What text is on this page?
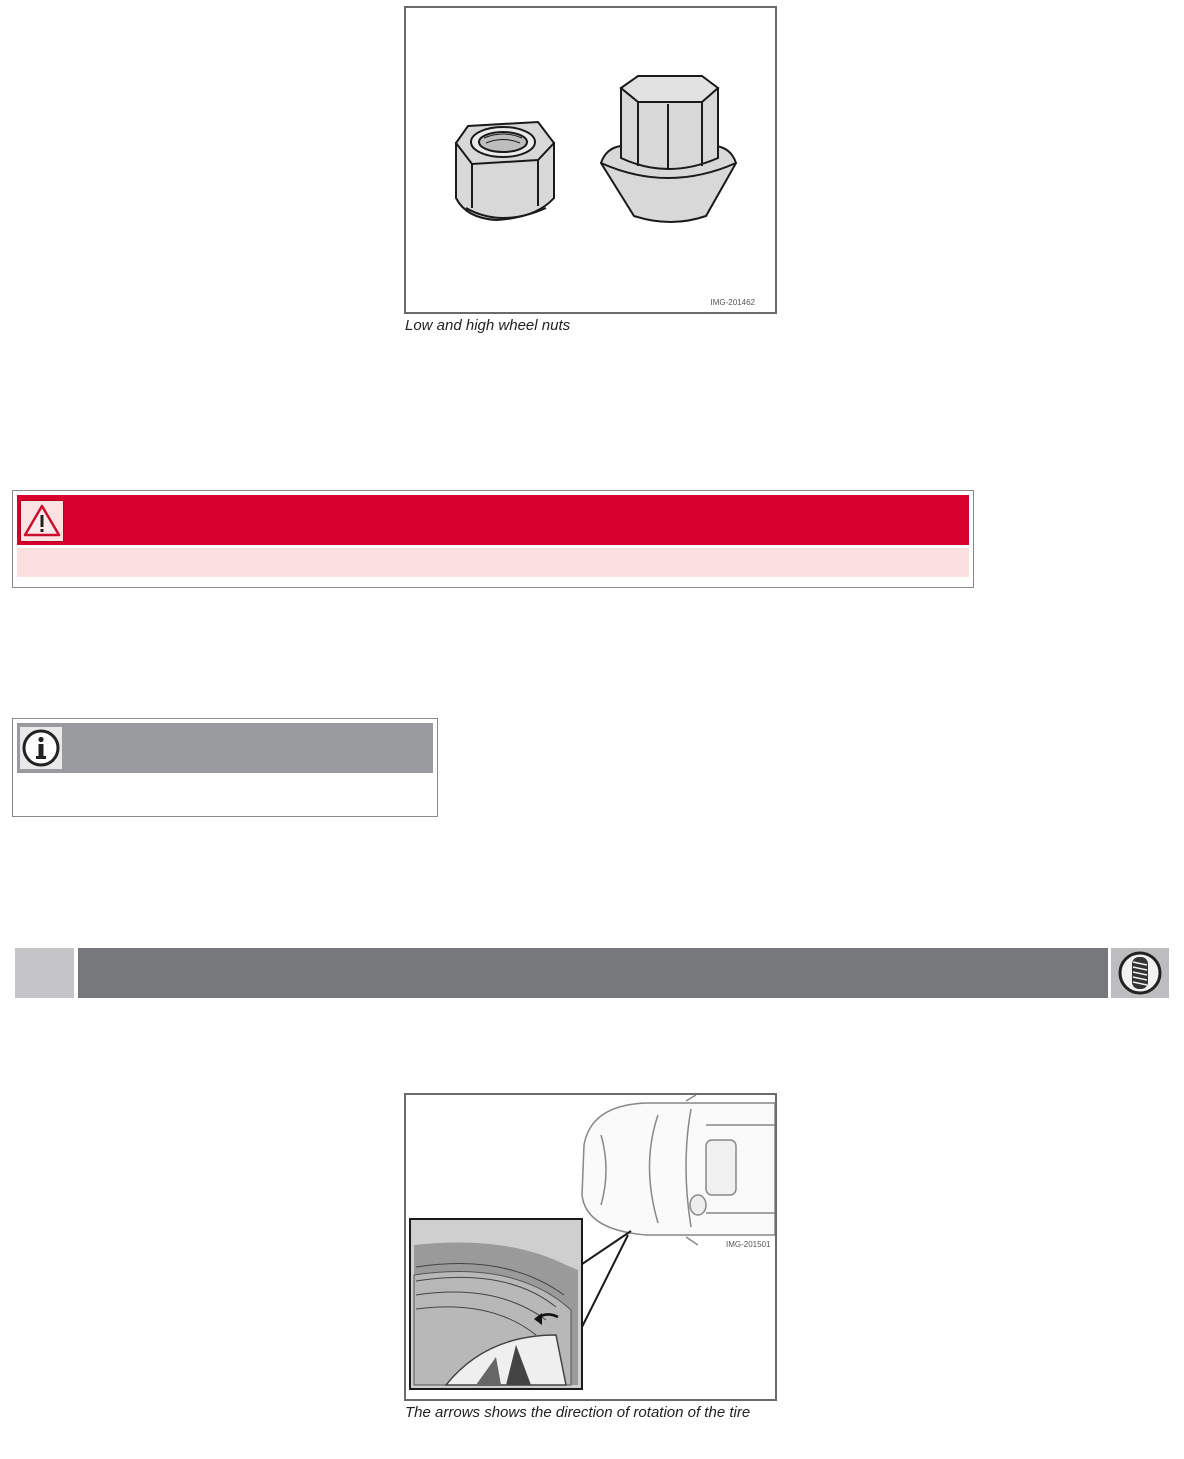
IMG-201462
Low and high wheel nuts
IMG-201501
The arrows shows the direction of rotation of the tire
